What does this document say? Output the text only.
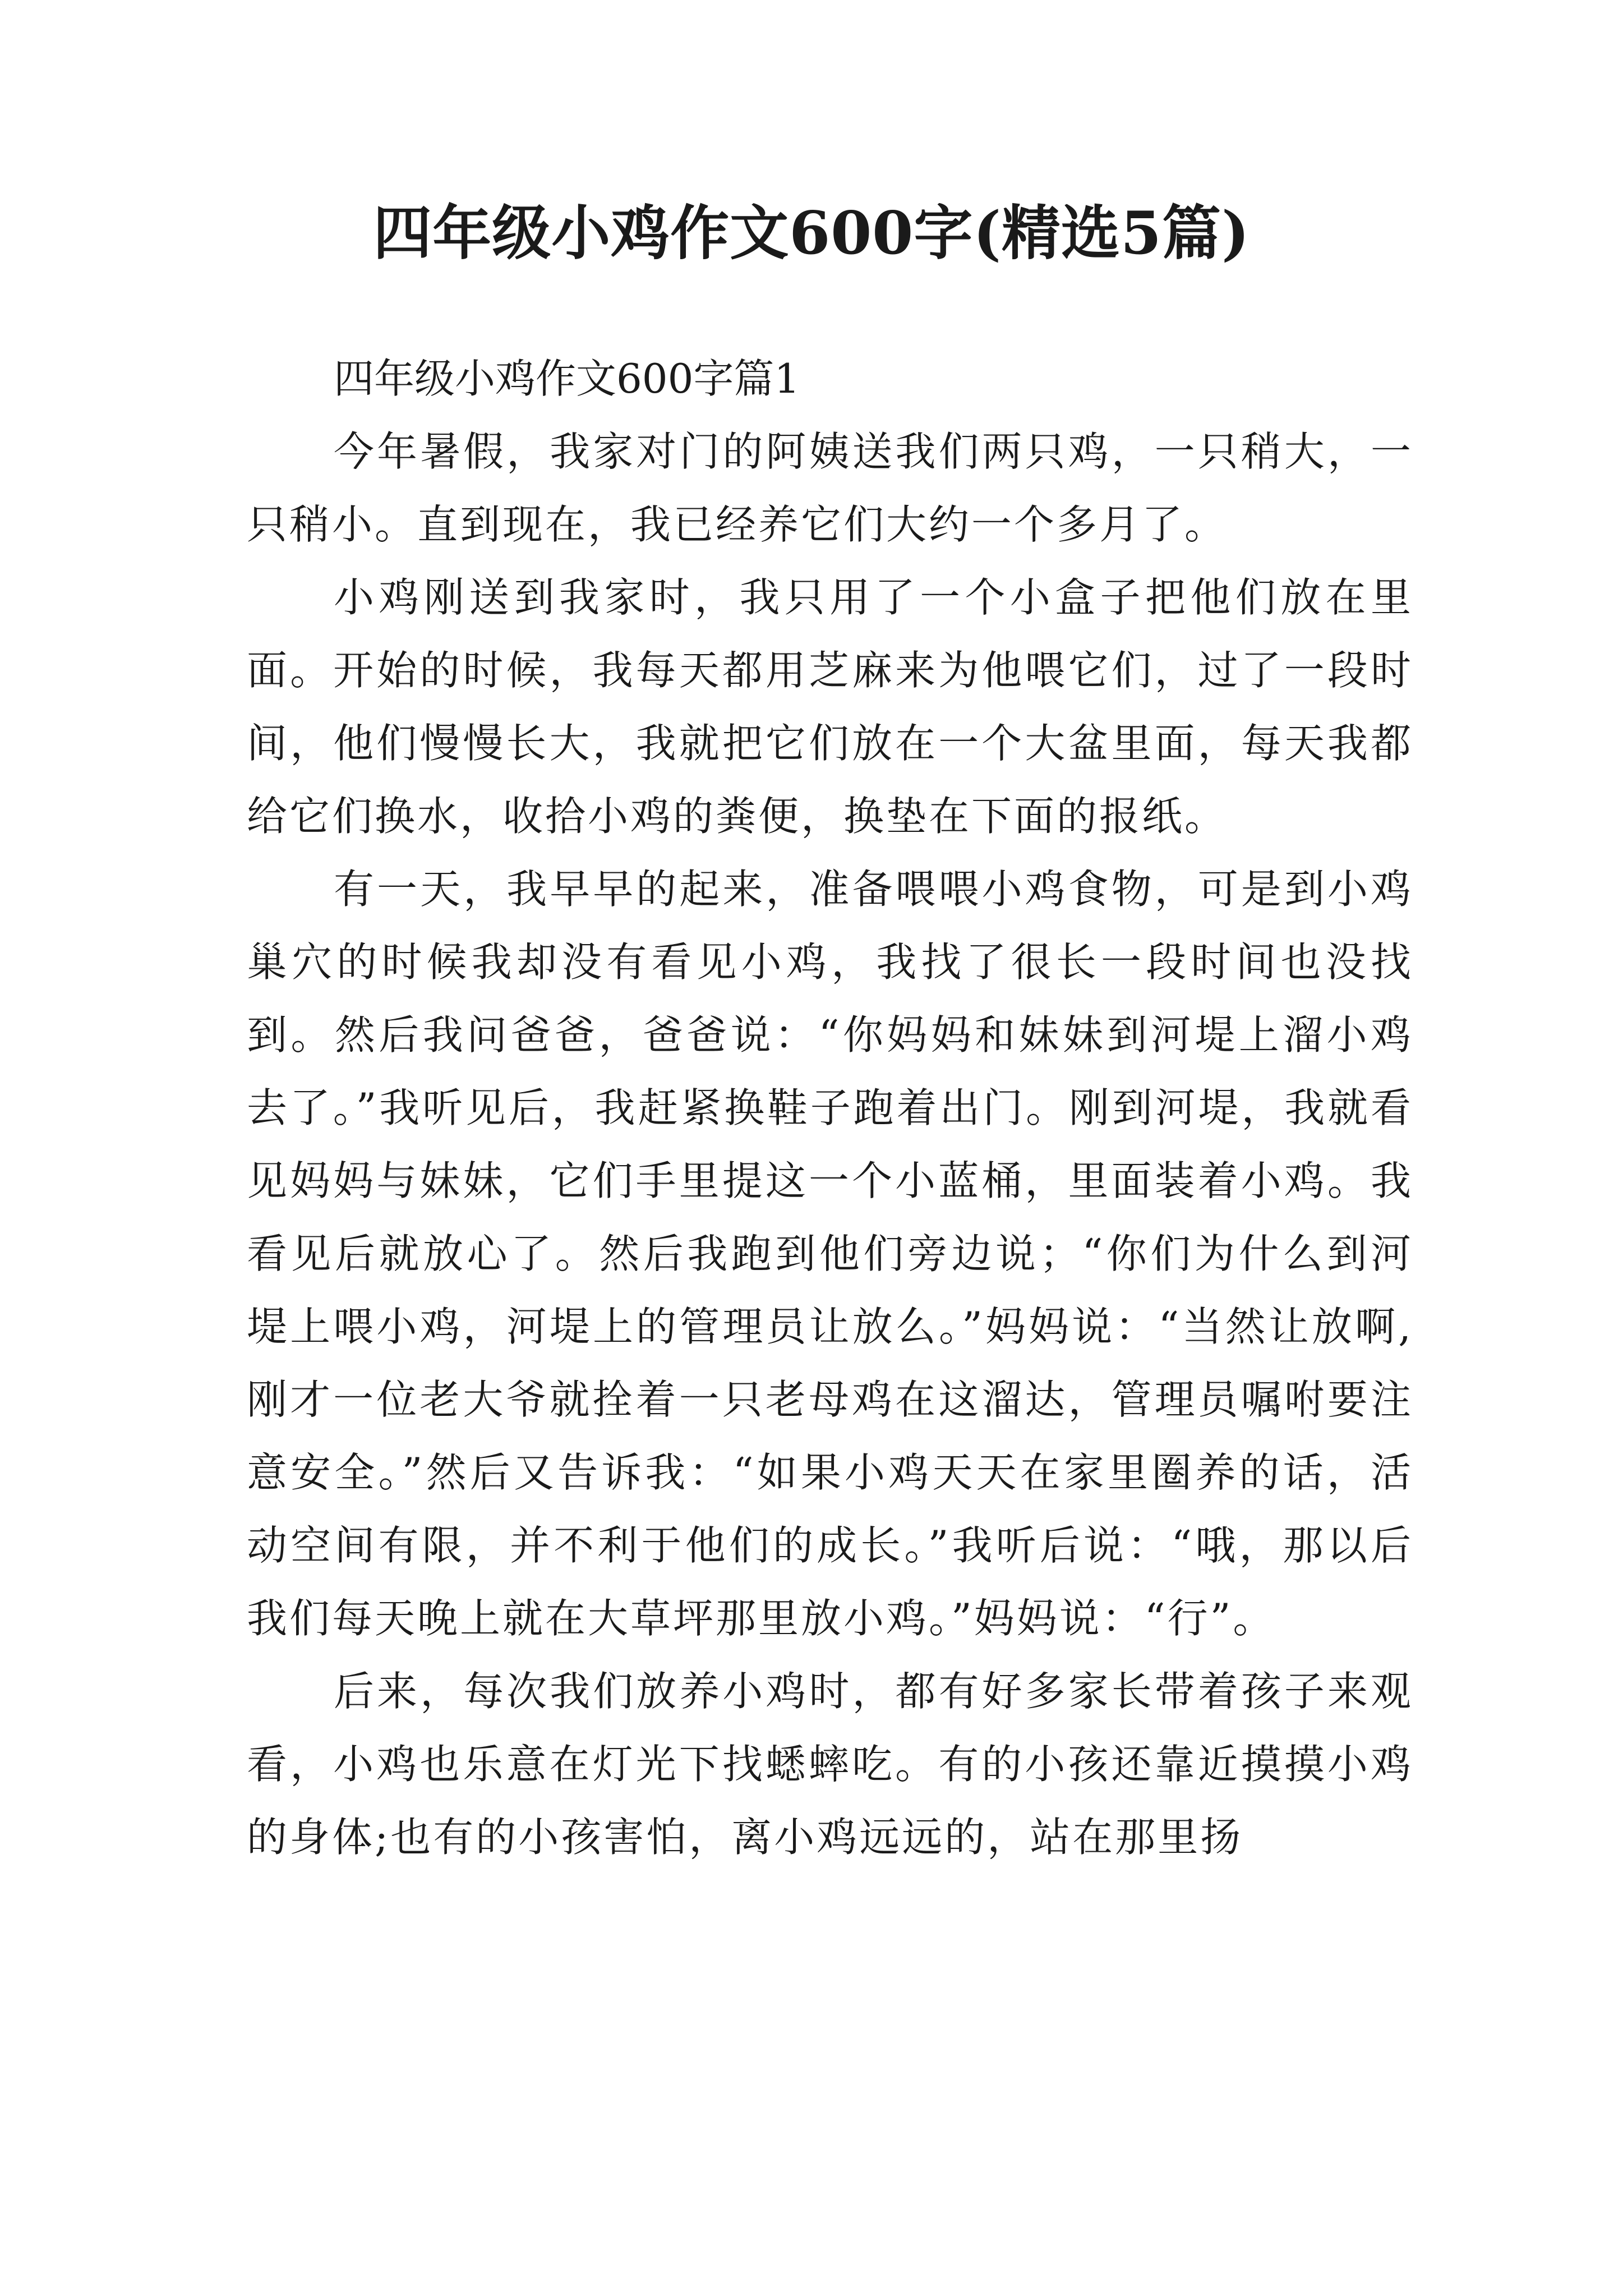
四年级小鸡作文600字(精选5篇)
四年级小鸡作文600字篇1

今年暑假，我家对门的阿姨送我们两只鸡，一只稍大，一只稍小。直到现在，我已经养它们大约一个多月了。

小鸡刚送到我家时，我只用了一个小盒子把他们放在里面。开始的时候，我每天都用芝麻来为他喂它们，过了一段时间，他们慢慢长大，我就把它们放在一个大盆里面，每天我都给它们换水，收拾小鸡的粪便，换垫在下面的报纸。

有一天，我早早的起来，准备喂喂小鸡食物，可是到小鸡巢穴的时候我却没有看见小鸡，我找了很长一段时间也没找到。然后我问爸爸，爸爸说：“你妈妈和妹妹到河堤上溜小鸡去了。”我听见后，我赶紧换鞋子跑着出门。刚到河堤，我就看见妈妈与妹妹，它们手里提这一个小蓝桶，里面装着小鸡。我看见后就放心了。然后我跑到他们旁边说；“你们为什么到河堤上喂小鸡，河堤上的管理员让放么。”妈妈说：“当然让放啊,刚才一位老大爷就拴着一只老母鸡在这溜达，管理员嘱咐要注意安全。”然后又告诉我：“如果小鸡天天在家里圈养的话，活动空间有限，并不利于他们的成长。”我听后说：“哦，那以后我们每天晚上就在大草坪那里放小鸡。”妈妈说：“行”。

后来，每次我们放养小鸡时，都有好多家长带着孩子来观看，小鸡也乐意在灯光下找蟋蟀吃。有的小孩还靠近摸摸小鸡的身体;也有的小孩害怕，离小鸡远远的，站在那里扬
